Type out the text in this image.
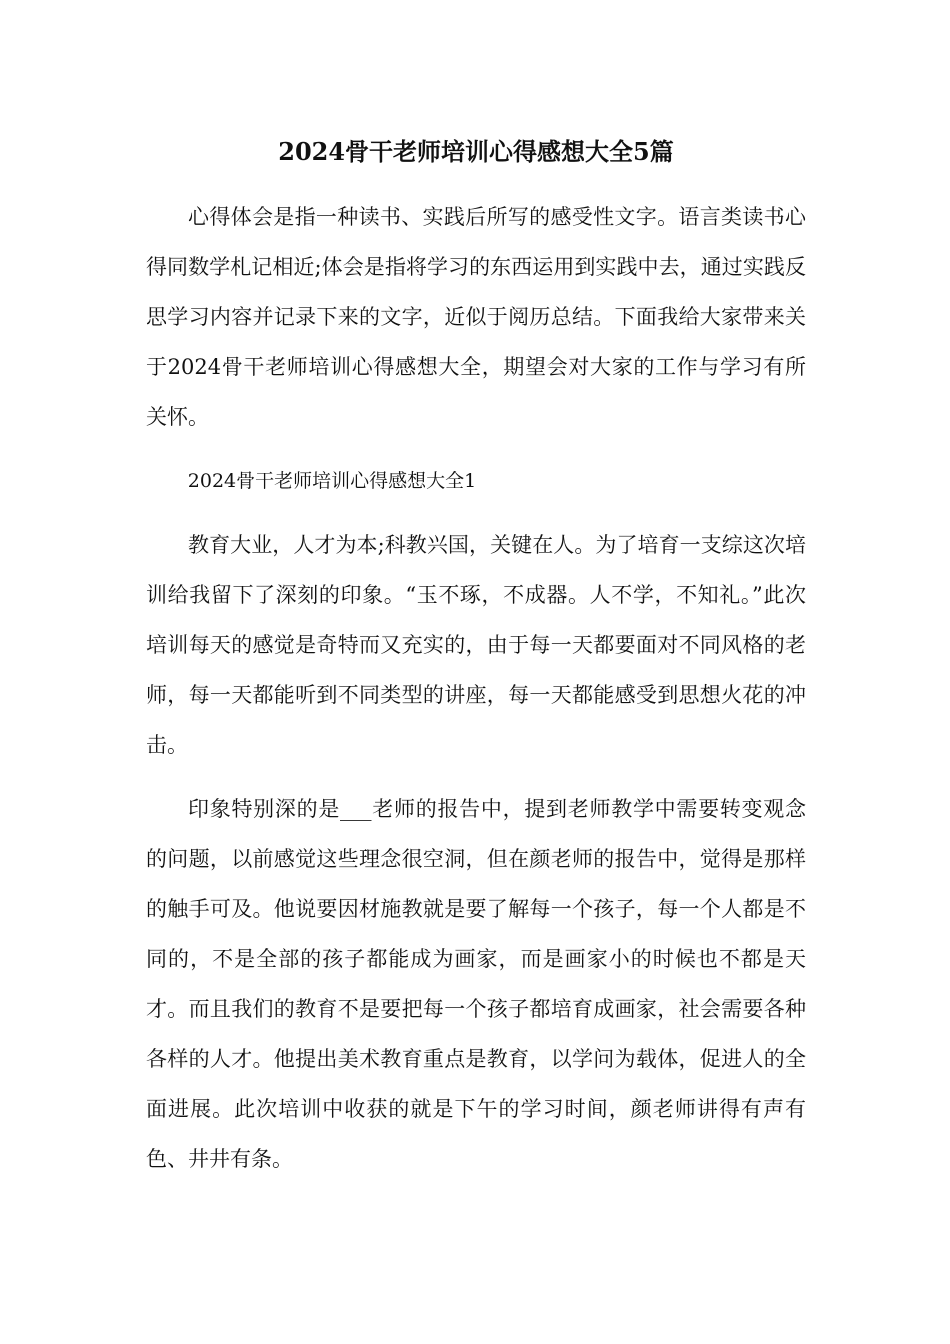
2024骨干老师培训心得感想大全5篇

心得体会是指一种读书、实践后所写的感受性文字。语言类读书心得同数学札记相近;体会是指将学习的东西运用到实践中去，通过实践反思学习内容并记录下来的文字，近似于阅历总结。下面我给大家带来关于2024骨干老师培训心得感想大全，期望会对大家的工作与学习有所关怀。

2024骨干老师培训心得感想大全1

教育大业，人才为本;科教兴国，关键在人。为了培育一支综这次培训给我留下了深刻的印象。“玉不琢，不成器。人不学，不知礼。”此次培训每天的感觉是奇特而又充实的，由于每一天都要面对不同风格的老师，每一天都能听到不同类型的讲座，每一天都能感受到思想火花的冲击。

印象特别深的是___老师的报告中，提到老师教学中需要转变观念的问题，以前感觉这些理念很空洞，但在颜老师的报告中，觉得是那样的触手可及。他说要因材施教就是要了解每一个孩子，每一个人都是不同的，不是全部的孩子都能成为画家，而是画家小的时候也不都是天才。而且我们的教育不是要把每一个孩子都培育成画家，社会需要各种各样的人才。他提出美术教育重点是教育，以学问为载体，促进人的全面进展。此次培训中收获的就是下午的学习时间，颜老师讲得有声有色、井井有条。
